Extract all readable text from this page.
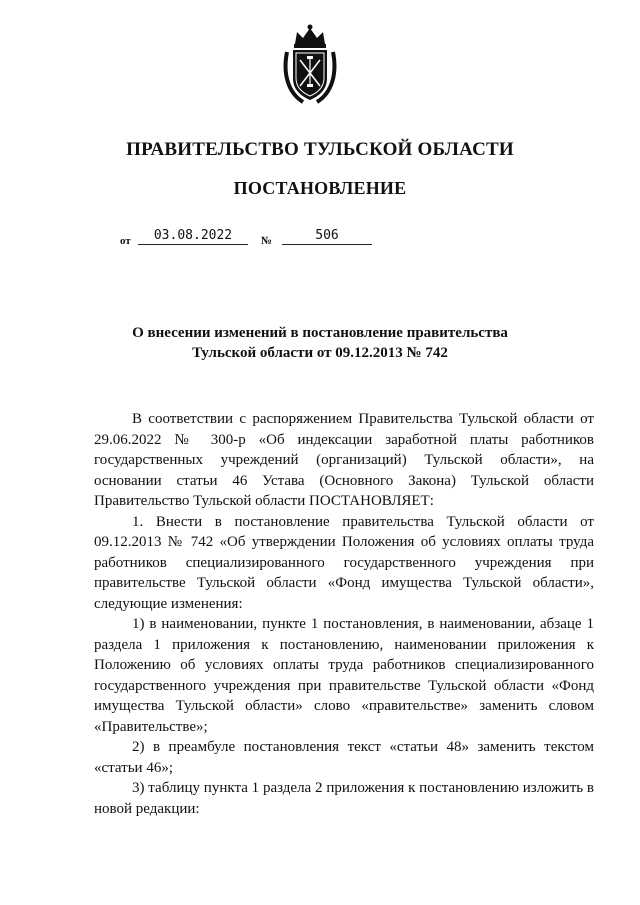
ПРАВИТЕЛЬСТВО ТУЛЬСКОЙ ОБЛАСТИ
ПОСТАНОВЛЕНИЕ
от	03.08.2022	№	506
О внесении изменений в постановление правительства
Тульской области от 09.12.2013 № 742

В соответствии с распоряжением Правительства Тульской области от 29.06.2022 № 300-р «Об индексации заработной платы работников государственных учреждений (организаций) Тульской области», на основании статьи 46 Устава (Основного Закона) Тульской области Правительство Тульской области ПОСТАНОВЛЯЕТ:

1. Внести в постановление правительства Тульской области от 09.12.2013 № 742 «Об утверждении Положения об условиях оплаты труда работников специализированного государственного учреждения при правительстве Тульской области «Фонд имущества Тульской области», следующие изменения:

1) в наименовании, пункте 1 постановления, в наименовании, абзаце 1 раздела 1 приложения к постановлению, наименовании приложения к Положению об условиях оплаты труда работников специализированного государственного учреждения при правительстве Тульской области «Фонд имущества Тульской области» слово «правительстве» заменить словом «Правительстве»;

2) в преамбуле постановления текст «статьи 48» заменить текстом «статьи 46»;

3) таблицу пункта 1 раздела 2 приложения к постановлению изложить в новой редакции:
